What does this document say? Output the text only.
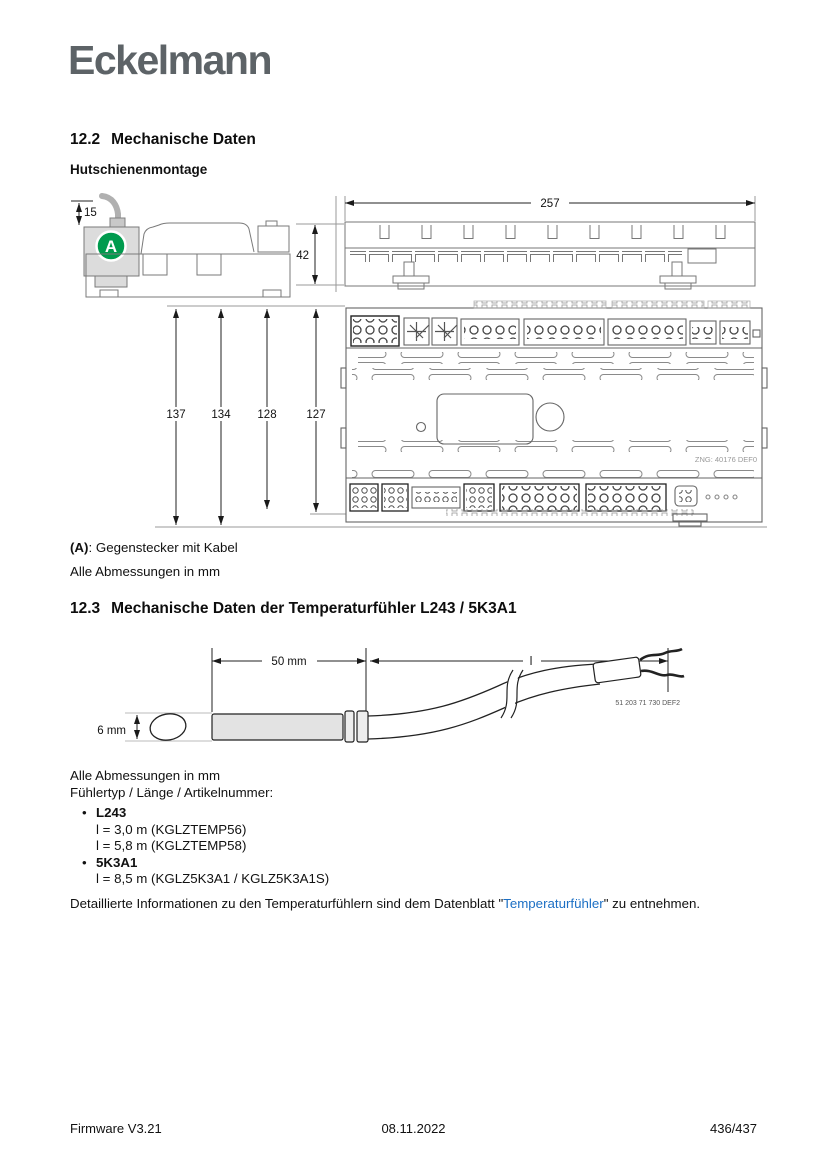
Eckelmann
12.2 Mechanische Daten
Hutschienenmontage
15
A
257
42
137 134 128	127
ZNG: 40176 DEF0

(A): Gegenstecker mit Kabel

Alle Abmessungen in mm

12.3 Mechanische Daten der Temperaturfühler L243 / 5K3A1
50 mm	l
6 mm
51 203 71 730 DEF2

Alle Abmessungen in mm

Fühlertyp / Länge / Artikelnummer:

•L243
l = 3,0 m (KGLZTEMP56)
l = 5,8 m (KGLZTEMP58)
•5K3A1
l = 8,5 m (KGLZ5K3A1 / KGLZ5K3A1S)

Detaillierte Informationen zu den Temperaturfühlern sind dem Datenblatt "Temperaturfühler" zu entnehmen.

Firmware V3.21	08.11.2022	436/437
